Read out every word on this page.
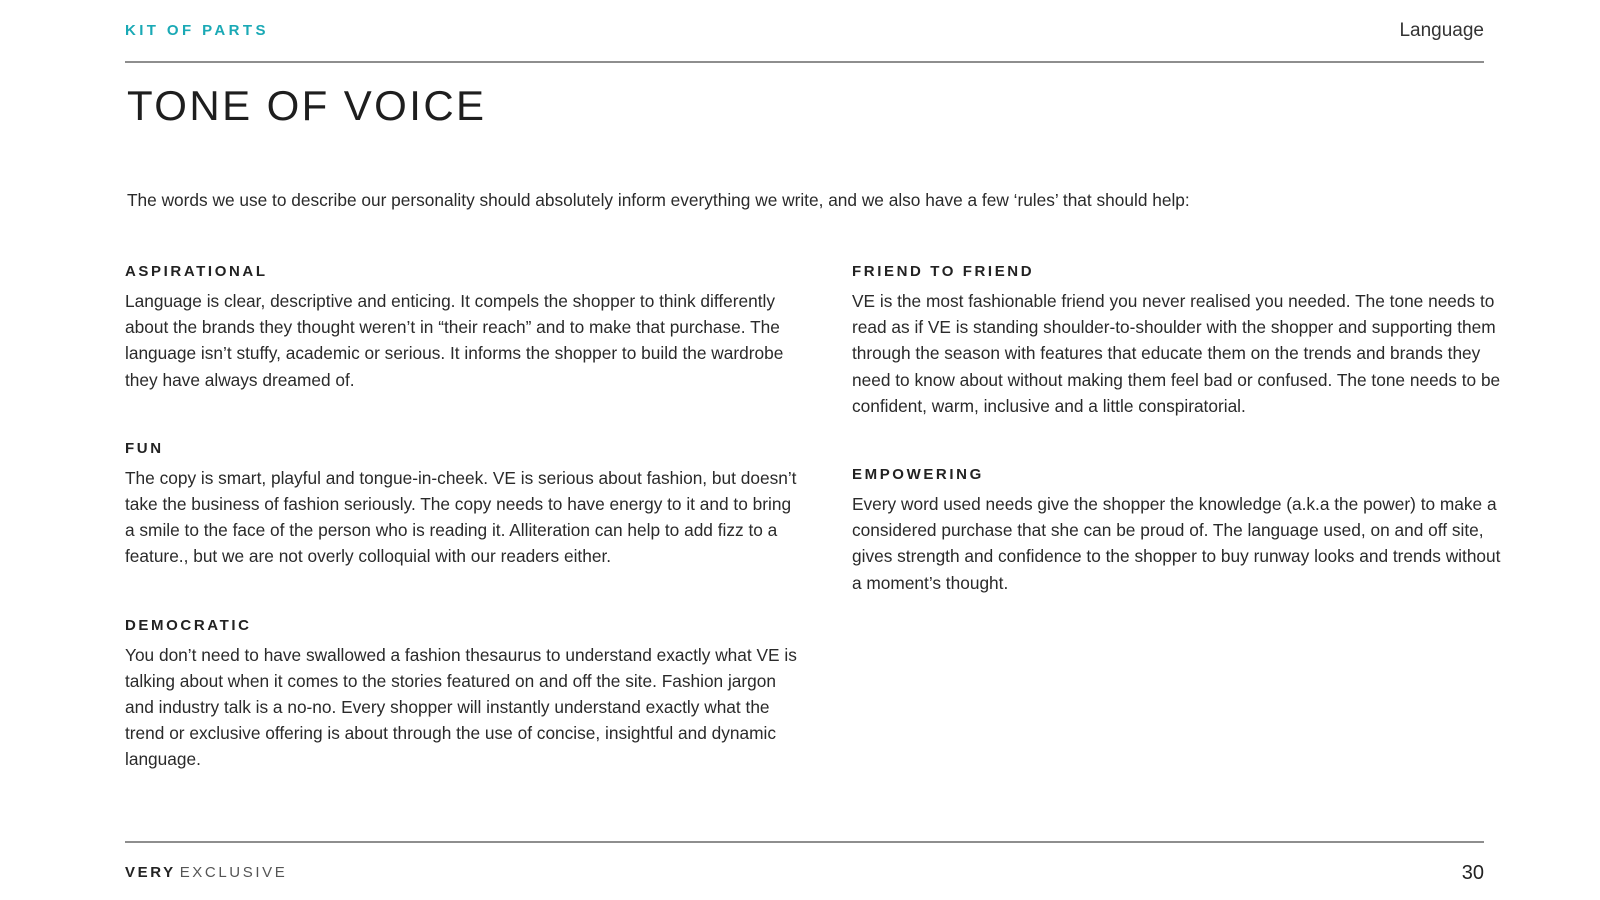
KIT OF PARTS	Language

TONE OF VOICE

The words we use to describe our personality should absolutely inform everything we write, and we also have a few ‘rules’ that should help:

ASPIRATIONAL

Language is clear, descriptive and enticing. It compels the shopper to think differently about the brands they thought weren’t in “their reach” and to make that purchase. The language isn’t stuffy, academic or serious. It informs the shopper to build the wardrobe they have always dreamed of.

FUN

The copy is smart, playful and tongue-in-cheek. VE is serious about fashion, but doesn’t take the business of fashion seriously. The copy needs to have energy to it and to bring a smile to the face of the person who is reading it. Alliteration can help to add fizz to a feature., but we are not overly colloquial with our readers either.

DEMOCRATIC

You don’t need to have swallowed a fashion thesaurus to understand exactly what VE is talking about when it comes to the stories featured on and off the site. Fashion jargon and industry talk is a no-no. Every shopper will instantly understand exactly what the trend or exclusive offering is about through the use of concise, insightful and dynamic language.

FRIEND TO FRIEND

VE is the most fashionable friend you never realised you needed. The tone needs to read as if VE is standing shoulder-to-shoulder with the shopper and supporting them through the season with features that educate them on the trends and brands they need to know about without making them feel bad or confused. The tone needs to be confident, warm, inclusive and a little conspiratorial.

EMPOWERING

Every word used needs give the shopper the knowledge (a.k.a the power) to make a considered purchase that she can be proud of. The language used, on and off site, gives strength and confidence to the shopper to buy runway looks and trends without a moment’s thought.

VERY EXCLUSIVE	30
